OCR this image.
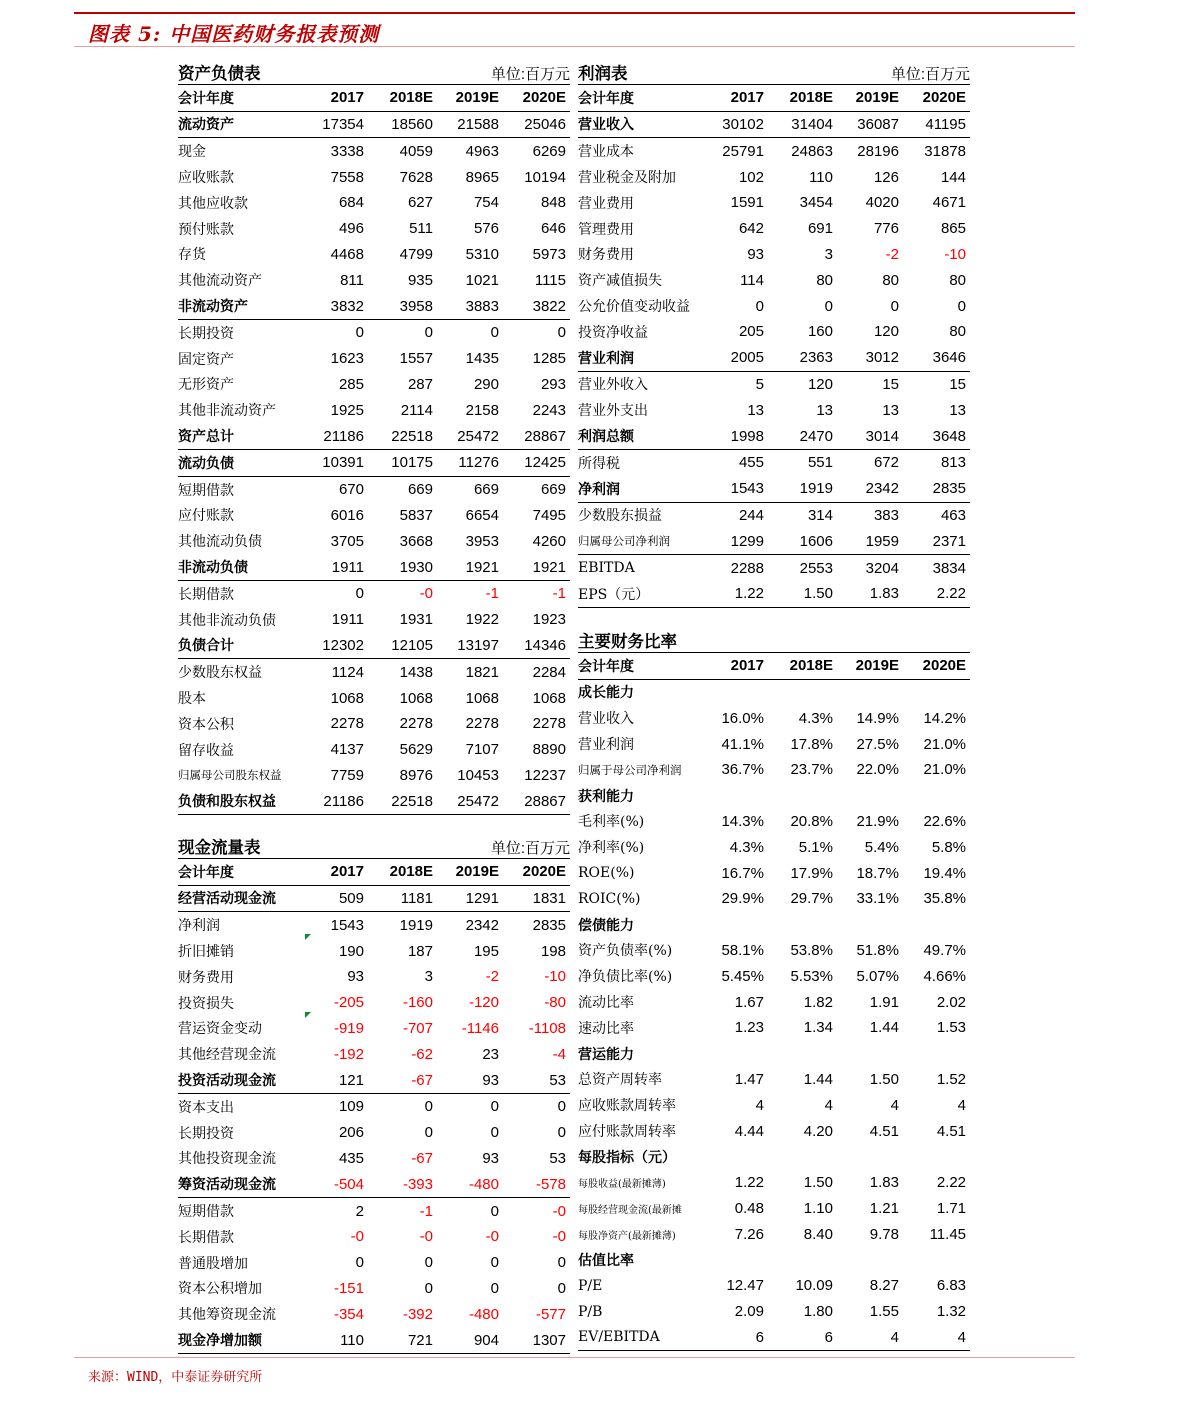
图表 5: 中国医药财务报表预测
资产负债表		单位:百万元		
会计年度	2017	2018E	2019E	2020E
流动资产	17354	18560	21588	25046
现金	3338	4059	4963	6269
应收账款	7558	7628	8965	10194
其他应收款	684	627	754	848
预付账款	496	511	576	646
存货	4468	4799	5310	5973
其他流动资产	811	935	1021	1115
非流动资产	3832	3958	3883	3822
长期投资	0	0	0	0
固定资产	1623	1557	1435	1285
无形资产	285	287	290	293
其他非流动资产	1925	2114	2158	2243
资产总计	21186	22518	25472	28867
流动负债	10391	10175	11276	12425
短期借款	670	669	669	669
应付账款	6016	5837	6654	7495
其他流动负债	3705	3668	3953	4260
非流动负债	1911	1930	1921	1921
长期借款	0	-0	-1	-1
其他非流动负债	1911	1931	1922	1923
负债合计	12302	12105	13197	14346
少数股东权益	1124	1438	1821	2284
股本	1068	1068	1068	1068
资本公积	2278	2278	2278	2278
留存收益	4137	5629	7107	8890
归属母公司股东权益	7759	8976	10453	12237
负债和股东权益	21186	22518	25472	28867
利润表		单位:百万元		
会计年度	2017	2018E	2019E	2020E
营业收入	30102	31404	36087	41195
营业成本	25791	24863	28196	31878
营业税金及附加	102	110	126	144
营业费用	1591	3454	4020	4671
管理费用	642	691	776	865
财务费用	93	3	-2	-10
资产减值损失	114	80	80	80
公允价值变动收益	0	0	0	0
投资净收益	205	160	120	80
营业利润	2005	2363	3012	3646
营业外收入	5	120	15	15
营业外支出	13	13	13	13
利润总额	1998	2470	3014	3648
所得税	455	551	672	813
净利润	1543	1919	2342	2835
少数股东损益	244	314	383	463
归属母公司净利润	1299	1606	1959	2371
EBITDA	2288	2553	3204	3834
EPS（元）	1.22	1.50	1.83	2.22
主要财务比率				
会计年度	2017	2018E	2019E	2020E
成长能力				
营业收入	16.0%	4.3%	14.9%	14.2%
营业利润	41.1%	17.8%	27.5%	21.0%
归属于母公司净利润	36.7%	23.7%	22.0%	21.0%
获利能力				
毛利率(%)	14.3%	20.8%	21.9%	22.6%
净利率(%)	4.3%	5.1%	5.4%	5.8%
ROE(%)	16.7%	17.9%	18.7%	19.4%
ROIC(%)	29.9%	29.7%	33.1%	35.8%
偿债能力				
资产负债率(%)	58.1%	53.8%	51.8%	49.7%
净负债比率(%)	5.45%	5.53%	5.07%	4.66%
流动比率	1.67	1.82	1.91	2.02
速动比率	1.23	1.34	1.44	1.53
营运能力				
总资产周转率	1.47	1.44	1.50	1.52
应收账款周转率	4	4	4	4
应付账款周转率	4.44	4.20	4.51	4.51
每股指标（元）				
每股收益(最新摊薄)	1.22	1.50	1.83	2.22
每股经营现金流(最新摊	0.48	1.10	1.21	1.71
每股净资产(最新摊薄)	7.26	8.40	9.78	11.45
估值比率				
P/E	12.47	10.09	8.27	6.83
P/B	2.09	1.80	1.55	1.32
EV/EBITDA	6	6	4	4
现金流量表		单位:百万元		
会计年度	2017	2018E	2019E	2020E
经营活动现金流	509	1181	1291	1831
净利润	1543	1919	2342	2835
折旧摊销	190	187	195	198
财务费用	93	3	-2	-10
投资损失	-205	-160	-120	-80
营运资金变动	-919	-707	-1146	-1108
其他经营现金流	-192	-62	23	-4
投资活动现金流	121	-67	93	53
资本支出	109	0	0	0
长期投资	206	0	0	0
其他投资现金流	435	-67	93	53
筹资活动现金流	-504	-393	-480	-578
短期借款	2	-1	0	-0
长期借款	-0	-0	-0	-0
普通股增加	0	0	0	0
资本公积增加	-151	0	0	0
其他筹资现金流	-354	-392	-480	-577
现金净增加额	110	721	904	1307
来源：WIND，中泰证券研究所
